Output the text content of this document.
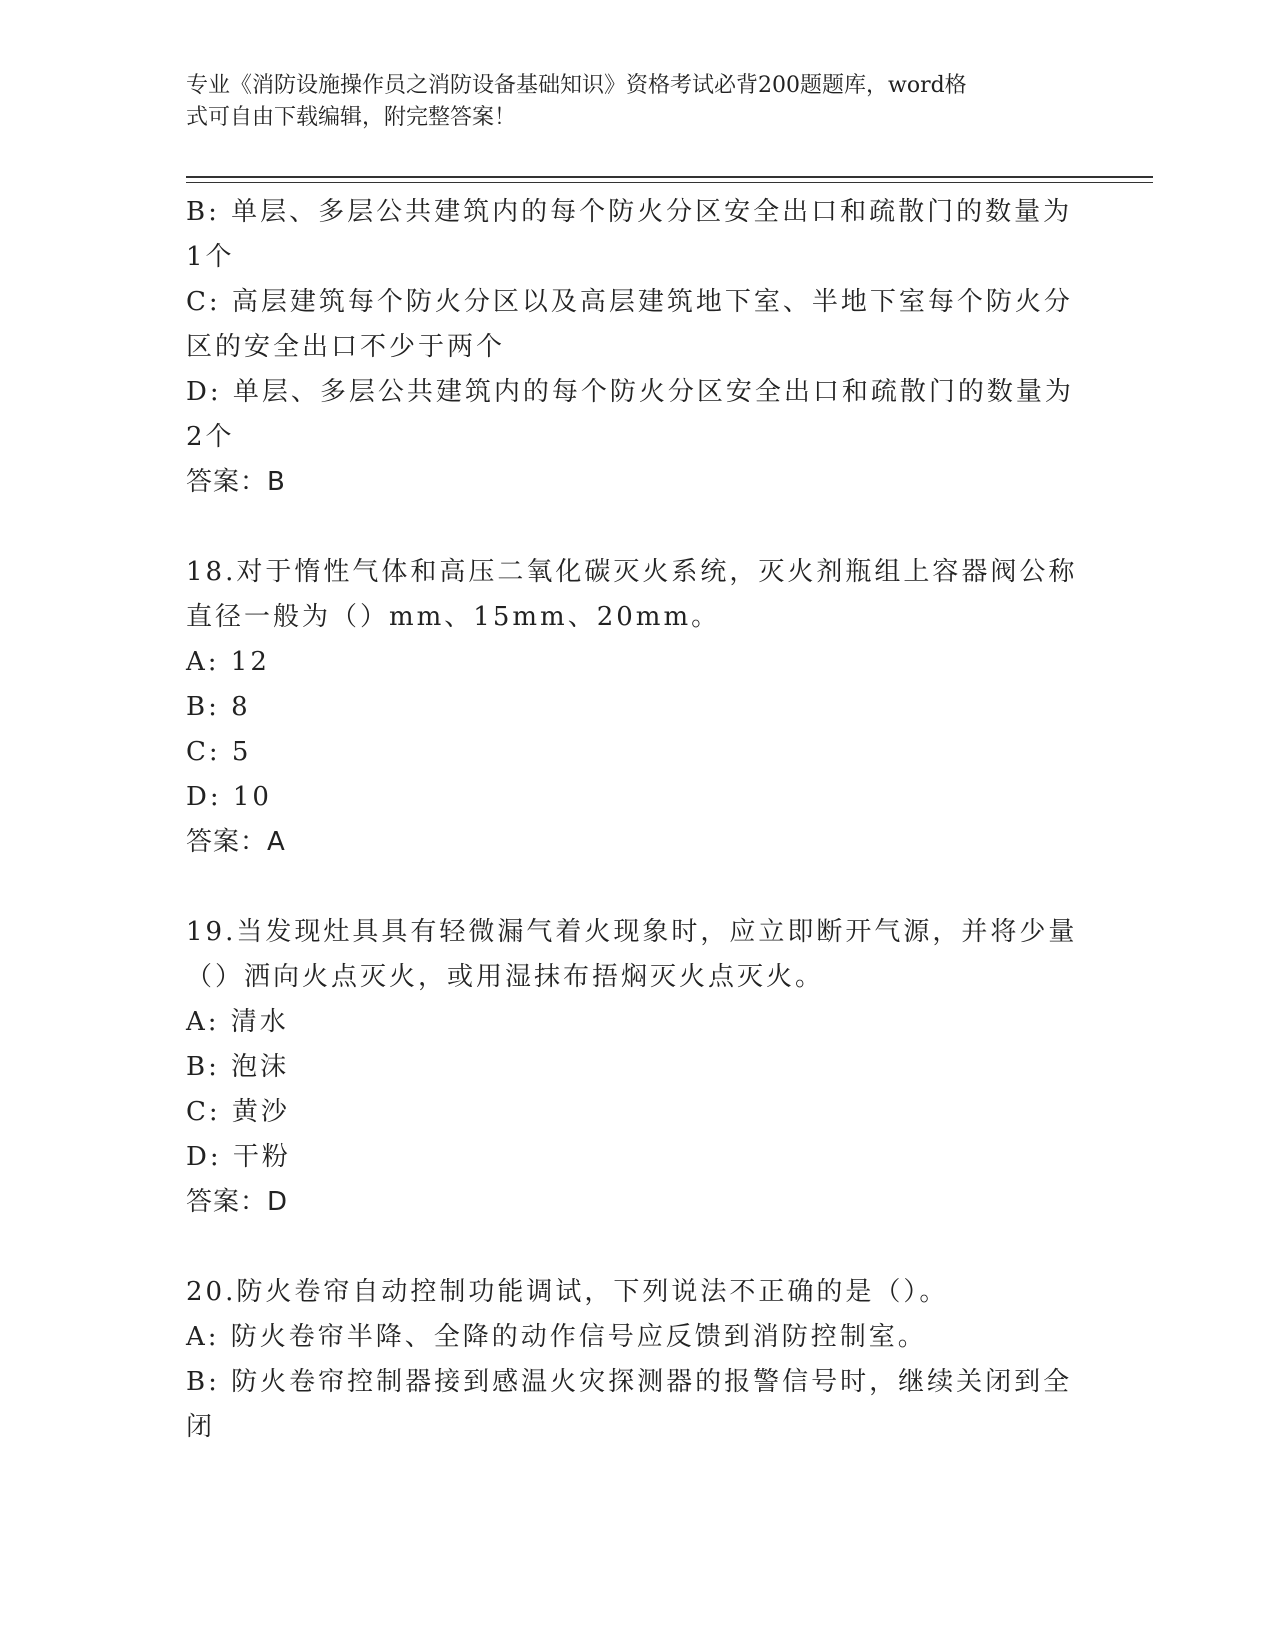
专业《消防设施操作员之消防设备基础知识》资格考试必背200题题库，word格
式可自由下载编辑，附完整答案！
B: 单层、多层公共建筑内的每个防火分区安全出口和疏散门的数量为
1个
C: 高层建筑每个防火分区以及高层建筑地下室、半地下室每个防火分
区的安全出口不少于两个
D: 单层、多层公共建筑内的每个防火分区安全出口和疏散门的数量为
2个
答案：B
18.对于惰性气体和高压二氧化碳灭火系统，灭火剂瓶组上容器阀公称
直径一般为（）mm、15mm、20mm。
A: 12
B: 8
C: 5
D: 10
答案：A
19.当发现灶具具有轻微漏气着火现象时，应立即断开气源，并将少量
（）洒向火点灭火，或用湿抹布捂焖灭火点灭火。
A: 清水
B: 泡沫
C: 黄沙
D: 干粉
答案：D
20.防火卷帘自动控制功能调试，下列说法不正确的是（）。
A: 防火卷帘半降、全降的动作信号应反馈到消防控制室。
B: 防火卷帘控制器接到感温火灾探测器的报警信号时，继续关闭到全
闭
